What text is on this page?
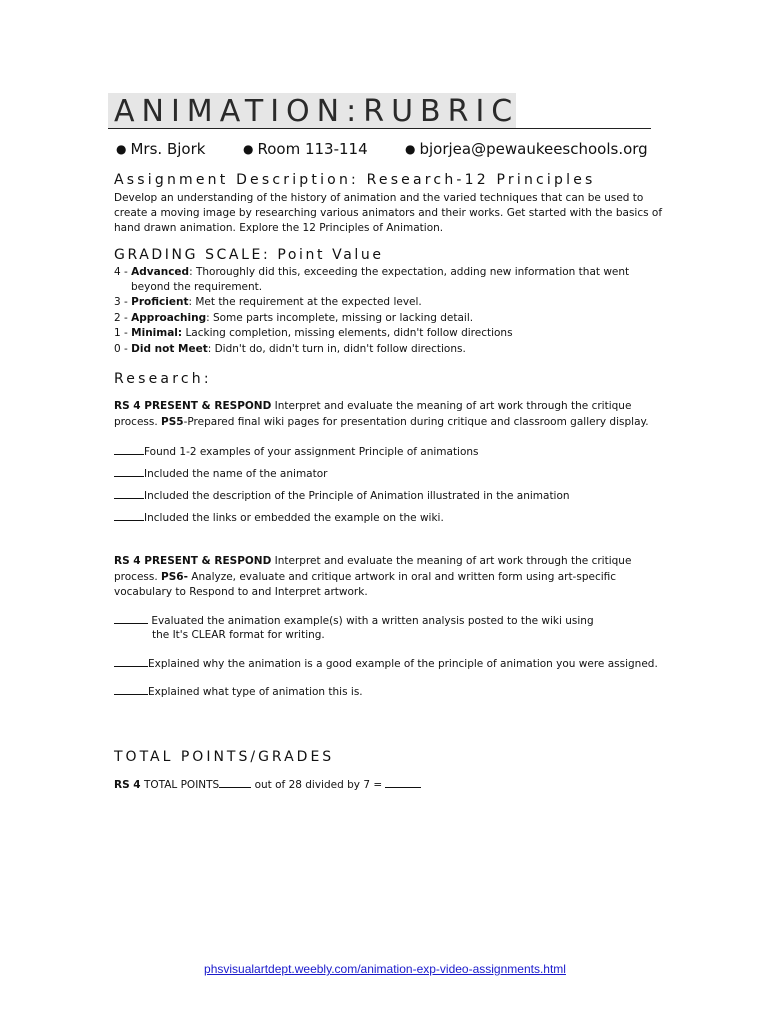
ANIMATION:RUBRIC
● Mrs. Bjork	● Room 113-114	● bjorjea@pewaukeeschools.org
Assignment Description: Research-12 Principles
Develop an understanding of the history of animation and the varied techniques that can be used to
create a moving image by researching various animators and their works. Get started with the basics of
hand drawn animation. Explore the 12 Principles of Animation.
GRADING SCALE: Point Value
4 - Advanced: Thoroughly did this, exceeding the expectation, adding new information that went
beyond the requirement.
3 - Proficient: Met the requirement at the expected level.
2 - Approaching: Some parts incomplete, missing or lacking detail.
1 - Minimal: Lacking completion, missing elements, didn't follow directions
0 - Did not Meet: Didn't do, didn't turn in, didn't follow directions.
Research:
RS 4 PRESENT & RESPOND Interpret and evaluate the meaning of art work through the critique
process. PS5-Prepared final wiki pages for presentation during critique and classroom gallery display.
Found 1-2 examples of your assignment Principle of animations
Included the name of the animator
Included the description of the Principle of Animation illustrated in the animation
Included the links or embedded the example on the wiki.
RS 4 PRESENT & RESPOND Interpret and evaluate the meaning of art work through the critique
process. PS6- Analyze, evaluate and critique artwork in oral and written form using art-specific
vocabulary to Respond to and Interpret artwork.
Evaluated the animation example(s) with a written analysis posted to the wiki using
the It's CLEAR format for writing.
Explained why the animation is a good example of the principle of animation you were assigned.
Explained what type of animation this is.
TOTAL POINTS/GRADES
RS 4 TOTAL POINTS	out of 28 divided by 7 =
phsvisualartdept.weebly.com/animation-exp-video-assignments.html
